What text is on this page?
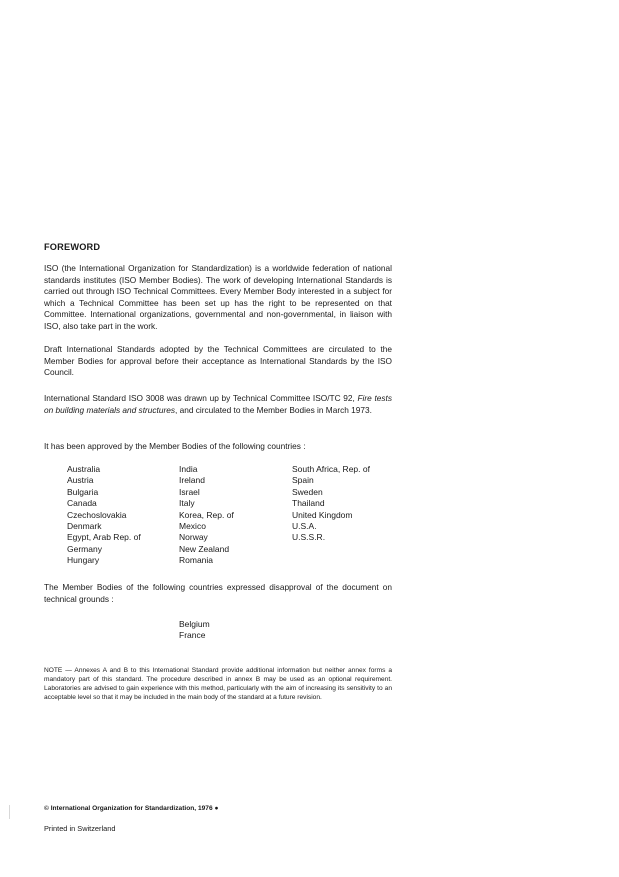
FOREWORD

ISO (the International Organization for Standardization) is a worldwide federation of national standards institutes (ISO Member Bodies). The work of developing International Standards is carried out through ISO Technical Committees. Every Member Body interested in a subject for which a Technical Committee has been set up has the right to be represented on that Committee. International organizations, governmental and non-governmental, in liaison with ISO, also take part in the work.

Draft International Standards adopted by the Technical Committees are circulated to the Member Bodies for approval before their acceptance as International Standards by the ISO Council.

International Standard ISO 3008 was drawn up by Technical Committee ISO/TC 92, Fire tests on building materials and structures, and circulated to the Member Bodies in March 1973.

It has been approved by the Member Bodies of the following countries :

Australia
Austria
Bulgaria
Canada
Czechoslovakia
Denmark
Egypt, Arab Rep. of
Germany
Hungary
India
Ireland
Israel
Italy
Korea, Rep. of
Mexico
Norway
New Zealand
Romania
South Africa, Rep. of
Spain
Sweden
Thailand
United Kingdom
U.S.A.
U.S.S.R.

The Member Bodies of the following countries expressed disapproval of the document on technical grounds :

Belgium
France

NOTE — Annexes A and B to this International Standard provide additional information but neither annex forms a mandatory part of this standard. The procedure described in annex B may be used as an optional requirement. Laboratories are advised to gain experience with this method, particularly with the aim of increasing its sensitivity to an acceptable level so that it may be included in the main body of the standard at a future revision.

© International Organization for Standardization, 1976 ●
Printed in Switzerland
